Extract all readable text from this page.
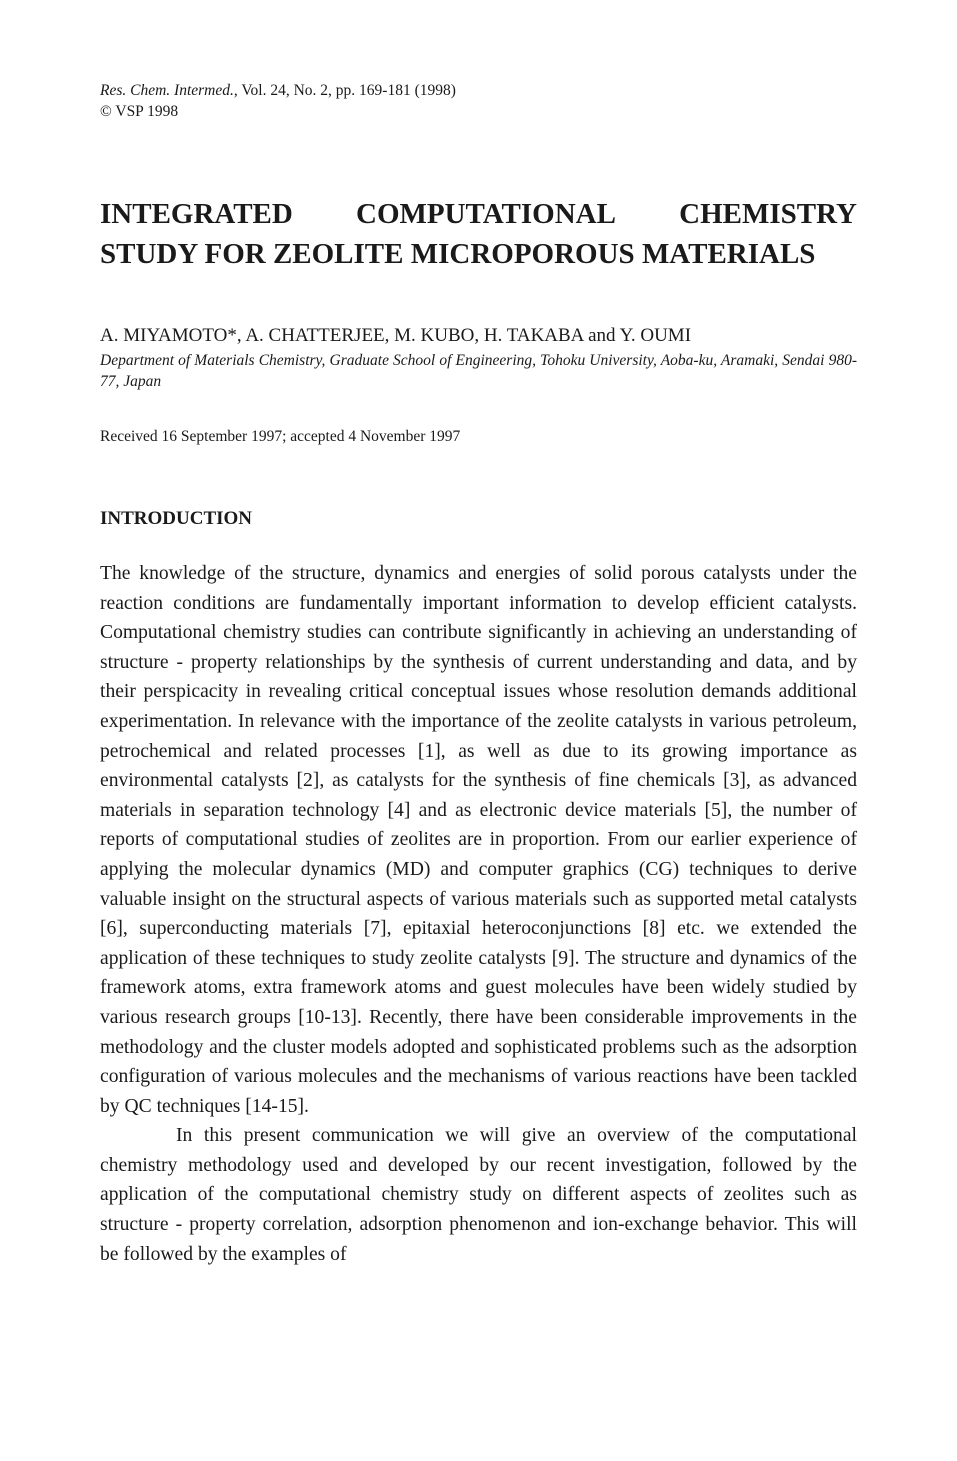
Res. Chem. Intermed., Vol. 24, No. 2, pp. 169-181 (1998)
© VSP 1998
INTEGRATED COMPUTATIONAL CHEMISTRY
STUDY FOR ZEOLITE MICROPOROUS MATERIALS
A. MIYAMOTO*, A. CHATTERJEE, M. KUBO, H. TAKABA and Y. OUMI
Department of Materials Chemistry, Graduate School of Engineering, Tohoku University, Aoba-ku, Aramaki, Sendai 980-77, Japan
Received 16 September 1997; accepted 4 November 1997
INTRODUCTION

The knowledge of the structure, dynamics and energies of solid porous catalysts under the reaction conditions are fundamentally important information to develop efficient catalysts. Computational chemistry studies can contribute significantly in achieving an understanding of structure - property relationships by the synthesis of current understanding and data, and by their perspicacity in revealing critical conceptual issues whose resolution demands additional experimentation. In relevance with the importance of the zeolite catalysts in various petroleum, petrochemical and related processes [1], as well as due to its growing importance as environmental catalysts [2], as catalysts for the synthesis of fine chemicals [3], as advanced materials in separation technology [4] and as electronic device materials [5], the number of reports of computational studies of zeolites are in proportion. From our earlier experience of applying the molecular dynamics (MD) and computer graphics (CG) techniques to derive valuable insight on the structural aspects of various materials such as supported metal catalysts [6], superconducting materials [7], epitaxial heteroconjunctions [8] etc. we extended the application of these techniques to study zeolite catalysts [9]. The structure and dynamics of the framework atoms, extra framework atoms and guest molecules have been widely studied by various research groups [10-13]. Recently, there have been considerable improvements in the methodology and the cluster models adopted and sophisticated problems such as the adsorption configuration of various molecules and the mechanisms of various reactions have been tackled by QC techniques [14-15].

In this present communication we will give an overview of the computational chemistry methodology used and developed by our recent investigation, followed by the application of the computational chemistry study on different aspects of zeolites such as structure - property correlation, adsorption phenomenon and ion-exchange behavior. This will be followed by the examples of
